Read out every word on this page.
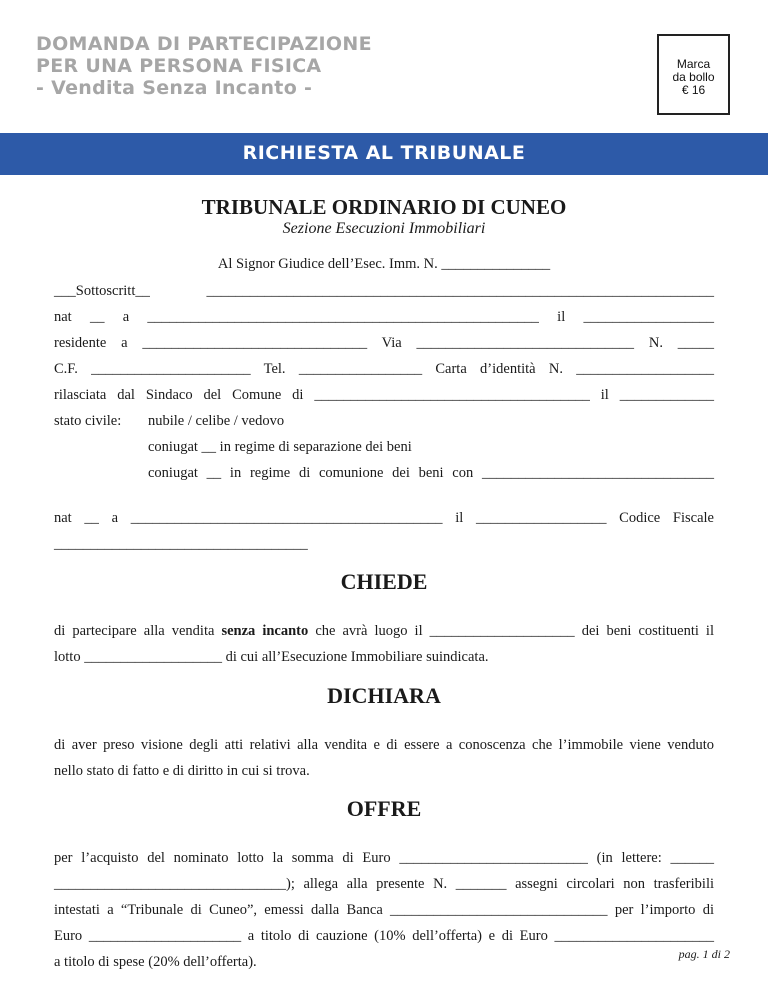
DOMANDA DI PARTECIPAZIONE
PER UNA PERSONA FISICA
- Vendita Senza Incanto -
Marca
da bollo
€ 16
RICHIESTA AL TRIBUNALE
TRIBUNALE ORDINARIO DI CUNEO
Sezione Esecuzioni Immobiliari
Al Signor Giudice dell’Esec. Imm. N. _______________
___Sottoscritt__ ______________________________________________________________________
nat __ a ______________________________________________________ il __________________
residente a _______________________________ Via ______________________________ N. _____
C.F. ______________________ Tel. _________________ Carta d’identità N. ___________________
rilasciata dal Sindaco del Comune di ______________________________________ il _____________
stato civile: nubile / celibe / vedovo
coniugat __ in regime di separazione dei beni
coniugat __ in regime di comunione dei beni con ________________________________
nat __ a ___________________________________________ il __________________ Codice Fiscale
___________________________________
CHIEDE
di partecipare alla vendita senza incanto che avrà luogo il ____________________ dei beni costituenti il
lotto ___________________ di cui all’Esecuzione Immobiliare suindicata.
DICHIARA
di aver preso visione degli atti relativi alla vendita e di essere a conoscenza che l’immobile viene venduto
nello stato di fatto e di diritto in cui si trova.
OFFRE
per l’acquisto del nominato lotto la somma di Euro __________________________ (in lettere: ______
________________________________); allega alla presente N. _______ assegni circolari non trasferibili
intestati a “Tribunale di Cuneo”, emessi dalla Banca ______________________________ per l’importo di
Euro _____________________ a titolo di cauzione (10% dell’offerta) e di Euro ______________________
a titolo di spese (20% dell’offerta).	pag. 1 di 2
